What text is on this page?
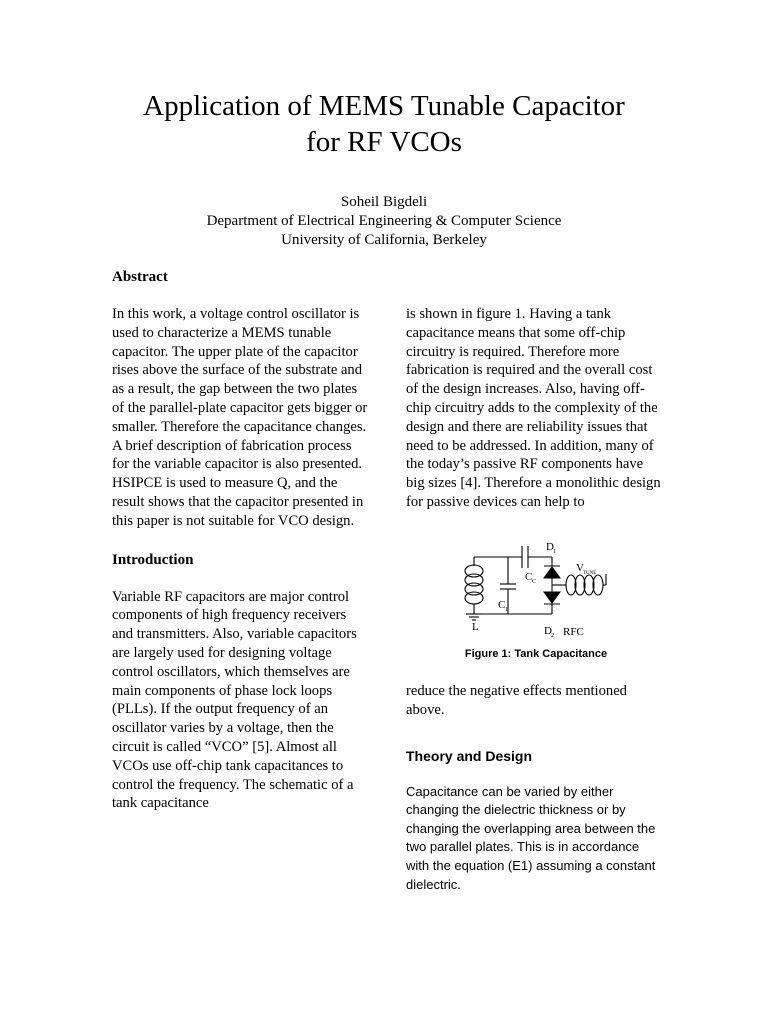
Application of MEMS Tunable Capacitor
for RF VCOs
Soheil Bigdeli
Department of Electrical Engineering & Computer Science
University of California, Berkeley

Abstract

In this work, a voltage control oscillator is used to characterize a MEMS tunable capacitor. The upper plate of the capacitor rises above the surface of the substrate and as a result, the gap between the two plates of the parallel-plate capacitor gets bigger or smaller. Therefore the capacitance changes. A brief description of fabrication process for the variable capacitor is also presented. HSIPCE is used to measure Q, and the result shows that the capacitor presented in this paper is not suitable for VCO design.

Introduction

Variable RF capacitors are major control components of high frequency receivers and transmitters. Also, variable capacitors are largely used for designing voltage control oscillators, which themselves are main components of phase lock loops (PLLs). If the output frequency of an oscillator varies by a voltage, then the circuit is called “VCO” [5]. Almost all VCOs use off-chip tank capacitances to control the frequency. The schematic of a tank capacitance

is shown in figure 1. Having a tank capacitance means that some off-chip circuitry is required. Therefore more fabrication is required and the overall cost of the design increases. Also, having off-chip circuitry adds to the complexity of the design and there are reliability issues that need to be addressed. In addition, many of the today’s passive RF components have big sizes [4]. Therefore a monolithic design for passive devices can help to

D 1
C C
C 1
V TUNE
L	D 2 RFC
Figure 1: Tank Capacitance

reduce the negative effects mentioned above.

Theory and Design

Capacitance can be varied by either changing the dielectric thickness or by changing the overlapping area between the two parallel plates. This is in accordance with the equation (E1) assuming a constant dielectric.
